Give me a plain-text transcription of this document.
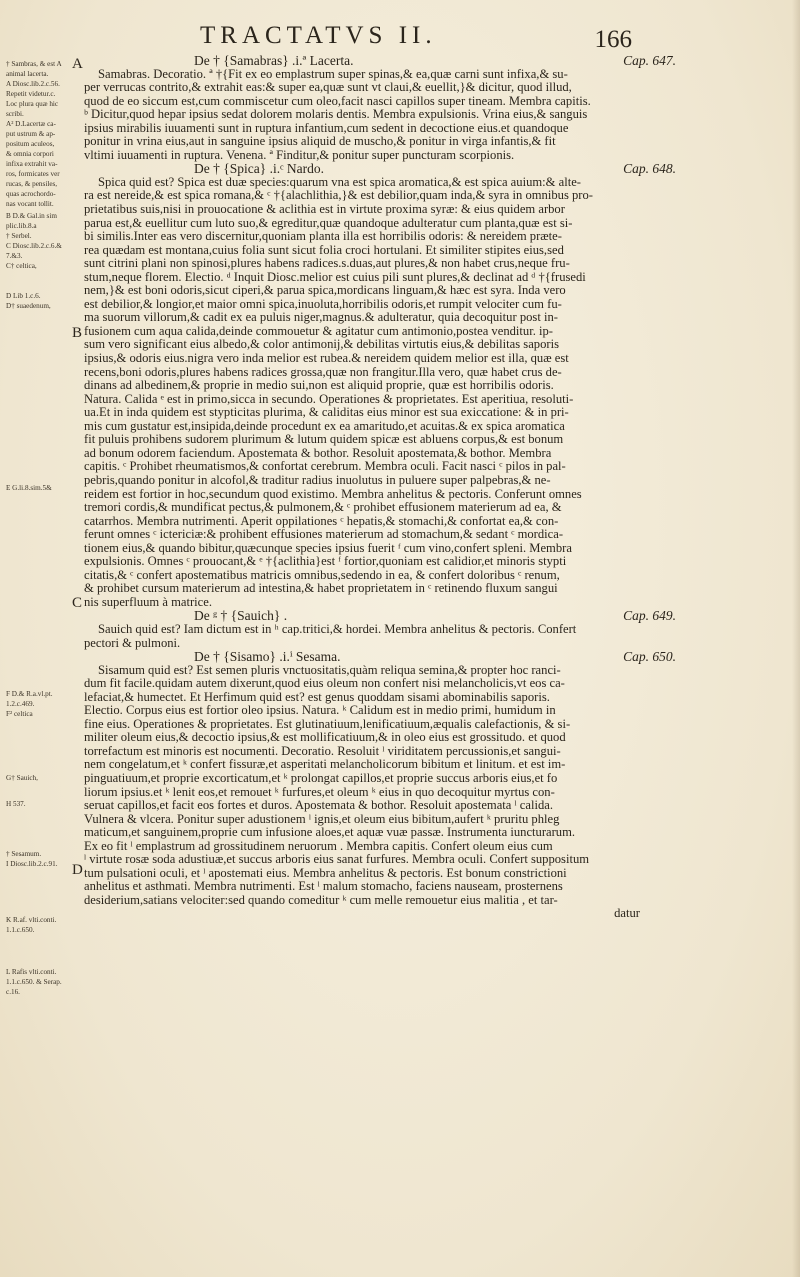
TRACTATVS II.	166
† Sambras, & est A
animal lacerta.
A Diosc.lib.2.c.56.
Repetit videtur.c.
Loc plura quæ hic
scribi.
A² D.Lacertæ ca-
put ustrum & ap-
positum aculeos,
& omnia corpori
infixa extrahit va-
ros, formicates ver
rucas, & pensiles,
quas acrochordo-
nas vocant tollit.
B D.& Gal.in sim
plic.lib.8.a
† Serbel.
C Diosc.lib.2.c.6.&
7.&3.
C† celtica,
D Lib 1.c.6.
D† suaedenum,
E G.li.8.sim.5&
F D.& R.a.vl.pt.
1.2.c.469.
F² celtica
G† Sauich,
H 537.
† Sesamum.
I Diosc.lib.2.c.91.
K R.af. vlti.conti.
1.1.c.650.
L Rafis vlti.conti.
1.1.c.650. & Serap.
c.16.
A
B
C
D
De † {Samabras} .i.ª Lacerta.	Cap. 647.

Samabras. Decoratio. ª †{Fit ex eo emplastrum super spinas,& ea,quæ carni sunt infixa,& su-
per verrucas contrito,& extrahit eas:& super ea,quæ sunt vt claui,& euellit,}& dicitur, quod illud,
quod de eo siccum est,cum commiscetur cum oleo,facit nasci capillos super tineam. Membra capitis.
ᵇ Dicitur,quod hepar ipsius sedat dolorem molaris dentis. Membra expulsionis. Vrina eius,& sanguis
ipsius mirabilis iuuamenti sunt in ruptura infantium,cum sedent in decoctione eius.et quandoque
ponitur in vrina eius,aut in sanguine ipsius aliquid de muscho,& ponitur in virga infantis,& fit
vltimi iuuamenti in ruptura. Venena. ª Finditur,& ponitur super puncturam scorpionis.

De † {Spica} .i.ᶜ Nardo.	Cap. 648.

Spica quid est? Spica est duæ species:quarum vna est spica aromatica,& est spica auium:& alte-
ra est nereide,& est spica romana,& ᶜ †{alachlithia,}& est debilior,quam inda,& syra in omnibus pro-
prietatibus suis,nisi in prouocatione & aclithia est in virtute proxima syræ: & eius quidem arbor
parua est,& euellitur cum luto suo,& egreditur,quæ quandoque adulteratur cum planta,quæ est si-
bi similis.Inter eas vero discernitur,quoniam planta illa est horribilis odoris: & nereidem præte-
rea quædam est montana,cuius folia sunt sicut folia croci hortulani. Et similiter stipites eius,sed
sunt citrini plani non spinosi,plures habens radices.s.duas,aut plures,& non habet crus,neque fru-
stum,neque florem. Electio. ᵈ Inquit Diosc.melior est cuius pili sunt plures,& declinat ad ᵈ †{frusedi
nem,}& est boni odoris,sicut ciperi,& parua spica,mordicans linguam,& hæc est syra. Inda vero
est debilior,& longior,et maior omni spica,inuoluta,horribilis odoris,et rumpit velociter cum fu-
ma suorum villorum,& cadit ex ea puluis niger,magnus.& adulteratur, quia decoquitur post in-
fusionem cum aqua calida,deinde commouetur & agitatur cum antimonio,postea venditur. ip-
sum vero significant eius albedo,& color antimonij,& debilitas virtutis eius,& debilitas saporis
ipsius,& odoris eius.nigra vero inda melior est rubea.& nereidem quidem melior est illa, quæ est
recens,boni odoris,plures habens radices grossa,quæ non frangitur.Illa vero, quæ habet crus de-
dinans ad albedinem,& proprie in medio sui,non est aliquid proprie, quæ est horribilis odoris.
Natura. Calida ᵉ est in primo,sicca in secundo. Operationes & proprietates. Est aperitiua, resoluti-
ua.Et in inda quidem est stypticitas plurima, & caliditas eius minor est sua exiccatione: & in pri-
mis cum gustatur est,insipida,deinde procedunt ex ea amaritudo,et acuitas.& ex spica aromatica
fit puluis prohibens sudorem plurimum & lutum quidem spicæ est abluens corpus,& est bonum
ad bonum odorem faciendum. Apostemata & bothor. Resoluit apostemata,& bothor. Membra
capitis. ᶜ Prohibet rheumatismos,& confortat cerebrum. Membra oculi. Facit nasci ᶜ pilos in pal-
pebris,quando ponitur in alcofol,& traditur radius inuolutus in puluere super palpebras,& ne-
reidem est fortior in hoc,secundum quod existimo. Membra anhelitus & pectoris. Conferunt omnes
tremori cordis,& mundificat pectus,& pulmonem,& ᶜ prohibet effusionem materierum ad ea, &
catarrhos. Membra nutrimenti. Aperit oppilationes ᶜ hepatis,& stomachi,& confortat ea,& con-
ferunt omnes ᶜ ictericiæ:& prohibent effusiones materierum ad stomachum,& sedant ᶜ mordica-
tionem eius,& quando bibitur,quæcunque species ipsius fuerit ᶠ cum vino,confert spleni. Membra
expulsionis. Omnes ᶜ prouocant,& ᵉ †{aclithia}est ᶠ fortior,quoniam est calidior,et minoris stypti
citatis,& ᶜ confert apostematibus matricis omnibus,sedendo in ea, & confert doloribus ᶜ renum,
& prohibet cursum materierum ad intestina,& habet proprietatem in ᶜ retinendo fluxum sangui
nis superfluum à matrice.

De ᵍ † {Sauich} .	Cap. 649.

Sauich quid est? Iam dictum est in ʰ cap.tritici,& hordei. Membra anhelitus & pectoris. Confert
pectori & pulmoni.

De † {Sisamo} .i.ⁱ Sesama.	Cap. 650.

Sisamum quid est? Est semen pluris vnctuositatis,quàm reliqua semina,& propter hoc ranci-
dum fit facile.quidam autem dixerunt,quod eius oleum non confert nisi melancholicis,vt eos ca-
lefaciat,& humectet. Et Herfimum quid est? est genus quoddam sisami abominabilis saporis.
Electio. Corpus eius est fortior oleo ipsius. Natura. ᵏ Calidum est in medio primi, humidum in
fine eius. Operationes & proprietates. Est glutinatiuum,lenificatiuum,æqualis calefactionis, & si-
militer oleum eius,& decoctio ipsius,& est mollificatiuum,& in oleo eius est grossitudo. et quod
torrefactum est minoris est nocumenti. Decoratio. Resoluit ˡ viriditatem percussionis,et sangui-
nem congelatum,et ᵏ confert fissuræ,et asperitati melancholicorum bibitum et linitum. et est im-
pinguatiuum,et proprie excorticatum,et ᵏ prolongat capillos,et proprie succus arboris eius,et fo
liorum ipsius.et ᵏ lenit eos,et remouet ᵏ furfures,et oleum ᵏ eius in quo decoquitur myrtus con-
seruat capillos,et facit eos fortes et duros. Apostemata & bothor. Resoluit apostemata ˡ calida.
Vulnera & vlcera. Ponitur super adustionem ˡ ignis,et oleum eius bibitum,aufert ᵏ pruritu phleg
maticum,et sanguinem,proprie cum infusione aloes,et aquæ vuæ passæ. Instrumenta iuncturarum.
Ex eo fit ˡ emplastrum ad grossitudinem neruorum . Membra capitis. Confert oleum eius cum
ˡ virtute rosæ soda adustiuæ,et succus arboris eius sanat furfures. Membra oculi. Confert suppositum
tum pulsationi oculi, et ˡ apostemati eius. Membra anhelitus & pectoris. Est bonum constrictioni
anhelitus et asthmati. Membra nutrimenti. Est ˡ malum stomacho, faciens nauseam, prosternens
desiderium,satians velociter:sed quando comeditur ᵏ cum melle remouetur eius malitia , et tar-

datur
